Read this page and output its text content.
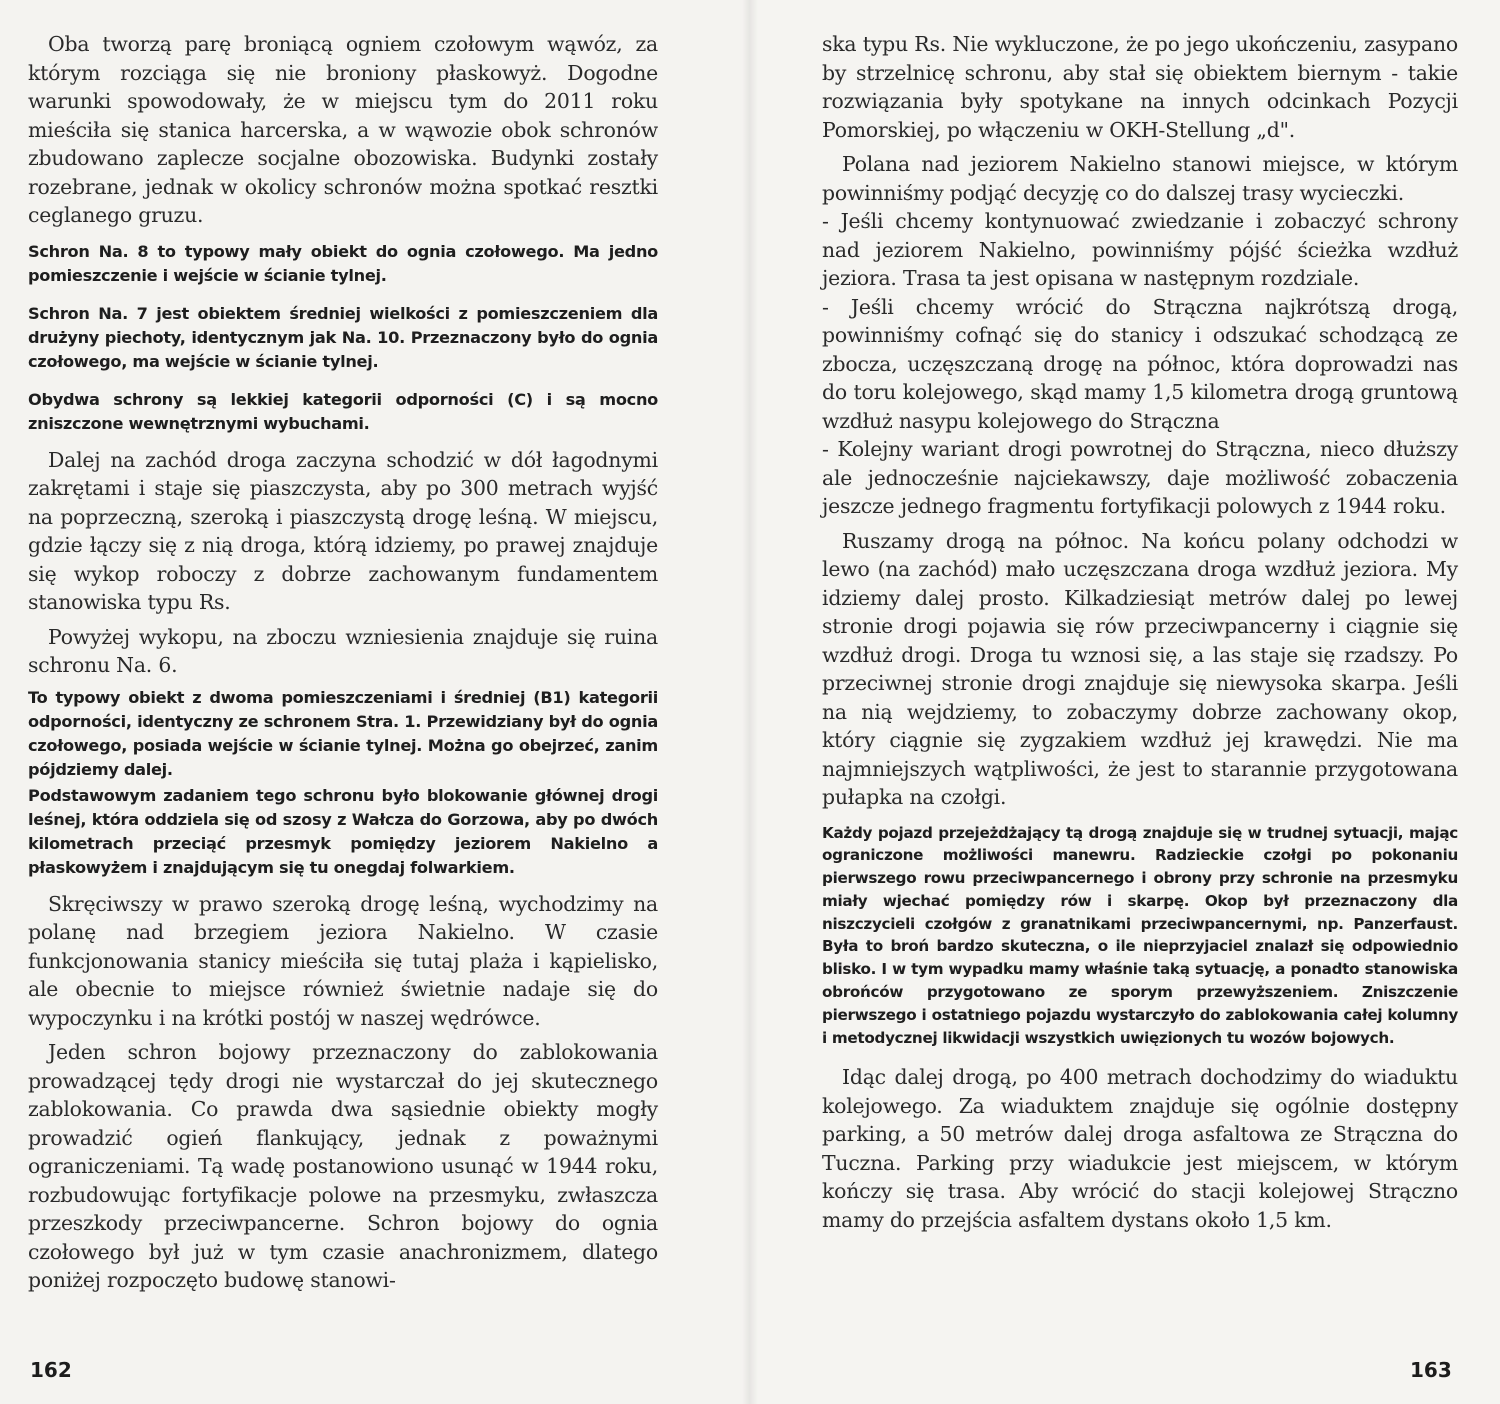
Oba tworzą parę broniącą ogniem czołowym wąwóz, za którym rozciąga się nie broniony płaskowyż. Dogodne warunki spowodowały, że w miejscu tym do 2011 roku mieściła się stanica harcerska, a w wąwozie obok schronów zbudowano zaplecze socjalne obozowiska. Budynki zostały rozebrane, jednak w okolicy schronów można spotkać resztki ceglanego gruzu.

Schron Na. 8 to typowy mały obiekt do ognia czołowego. Ma jedno pomieszczenie i wejście w ścianie tylnej.

Schron Na. 7 jest obiektem średniej wielkości z pomieszczeniem dla drużyny piechoty, identycznym jak Na. 10. Przeznaczony było do ognia czołowego, ma wejście w ścianie tylnej.

Obydwa schrony są lekkiej kategorii odporności (C) i są mocno zniszczone wewnętrznymi wybuchami.

Dalej na zachód droga zaczyna schodzić w dół łagodnymi zakrętami i staje się piaszczysta, aby po 300 metrach wyjść na poprzeczną, szeroką i piaszczystą drogę leśną. W miejscu, gdzie łączy się z nią droga, którą idziemy, po prawej znajduje się wykop roboczy z dobrze zachowanym fundamentem stanowiska typu Rs.

Powyżej wykopu, na zboczu wzniesienia znajduje się ruina schronu Na. 6.

To typowy obiekt z dwoma pomieszczeniami i średniej (B1) kategorii odporności, identyczny ze schronem Stra. 1. Przewidziany był do ognia czołowego, posiada wejście w ścianie tylnej. Można go obejrzeć, zanim pójdziemy dalej.

Podstawowym zadaniem tego schronu było blokowanie głównej drogi leśnej, która oddziela się od szosy z Wałcza do Gorzowa, aby po dwóch kilometrach przeciąć przesmyk pomiędzy jeziorem Nakielno a płaskowyżem i znajdującym się tu onegdaj folwarkiem.

Skręciwszy w prawo szeroką drogę leśną, wychodzimy na polanę nad brzegiem jeziora Nakielno. W czasie funkcjonowania stanicy mieściła się tutaj plaża i kąpielisko, ale obecnie to miejsce również świetnie nadaje się do wypoczynku i na krótki postój w naszej wędrówce.

Jeden schron bojowy przeznaczony do zablokowania prowadzącej tędy drogi nie wystarczał do jej skutecznego zablokowania. Co prawda dwa sąsiednie obiekty mogły prowadzić ogień flankujący, jednak z poważnymi ograniczeniami. Tą wadę postanowiono usunąć w 1944 roku, rozbudowując fortyfikacje polowe na przesmyku, zwłaszcza przeszkody przeciwpancerne. Schron bojowy do ognia czołowego był już w tym czasie anachronizmem, dlatego poniżej rozpoczęto budowę stanowi-

162

ska typu Rs. Nie wykluczone, że po jego ukończeniu, zasypano by strzelnicę schronu, aby stał się obiektem biernym - takie rozwiązania były spotykane na innych odcinkach Pozycji Pomorskiej, po włączeniu w OKH-Stellung „d".

Polana nad jeziorem Nakielno stanowi miejsce, w którym powinniśmy podjąć decyzję co do dalszej trasy wycieczki.

- Jeśli chcemy kontynuować zwiedzanie i zobaczyć schrony nad jeziorem Nakielno, powinniśmy pójść ścieżka wzdłuż jeziora. Trasa ta jest opisana w następnym rozdziale.

- Jeśli chcemy wrócić do Strączna najkrótszą drogą, powinniśmy cofnąć się do stanicy i odszukać schodzącą ze zbocza, uczęszczaną drogę na północ, która doprowadzi nas do toru kolejowego, skąd mamy 1,5 kilometra drogą gruntową wzdłuż nasypu kolejowego do Strączna

- Kolejny wariant drogi powrotnej do Strączna, nieco dłuższy ale jednocześnie najciekawszy, daje możliwość zobaczenia jeszcze jednego fragmentu fortyfikacji polowych z 1944 roku.

Ruszamy drogą na północ. Na końcu polany odchodzi w lewo (na zachód) mało uczęszczana droga wzdłuż jeziora. My idziemy dalej prosto. Kilkadziesiąt metrów dalej po lewej stronie drogi pojawia się rów przeciwpancerny i ciągnie się wzdłuż drogi. Droga tu wznosi się, a las staje się rzadszy. Po przeciwnej stronie drogi znajduje się niewysoka skarpa. Jeśli na nią wejdziemy, to zobaczymy dobrze zachowany okop, który ciągnie się zygzakiem wzdłuż jej krawędzi. Nie ma najmniejszych wątpliwości, że jest to starannie przygotowana pułapka na czołgi.

Każdy pojazd przejeżdżający tą drogą znajduje się w trudnej sytuacji, mając ograniczone możliwości manewru. Radzieckie czołgi po pokonaniu pierwszego rowu przeciwpancernego i obrony przy schronie na przesmyku miały wjechać pomiędzy rów i skarpę. Okop był przeznaczony dla niszczycieli czołgów z granatnikami przeciwpancernymi, np. Panzerfaust. Była to broń bardzo skuteczna, o ile nieprzyjaciel znalazł się odpowiednio blisko. I w tym wypadku mamy właśnie taką sytuację, a ponadto stanowiska obrońców przygotowano ze sporym przewyższeniem. Zniszczenie pierwszego i ostatniego pojazdu wystarczyło do zablokowania całej kolumny i metodycznej likwidacji wszystkich uwięzionych tu wozów bojowych.

Idąc dalej drogą, po 400 metrach dochodzimy do wiaduktu kolejowego. Za wiaduktem znajduje się ogólnie dostępny parking, a 50 metrów dalej droga asfaltowa ze Strączna do Tuczna. Parking przy wiadukcie jest miejscem, w którym kończy się trasa. Aby wrócić do stacji kolejowej Strączno mamy do przejścia asfaltem dystans około 1,5 km.

163
